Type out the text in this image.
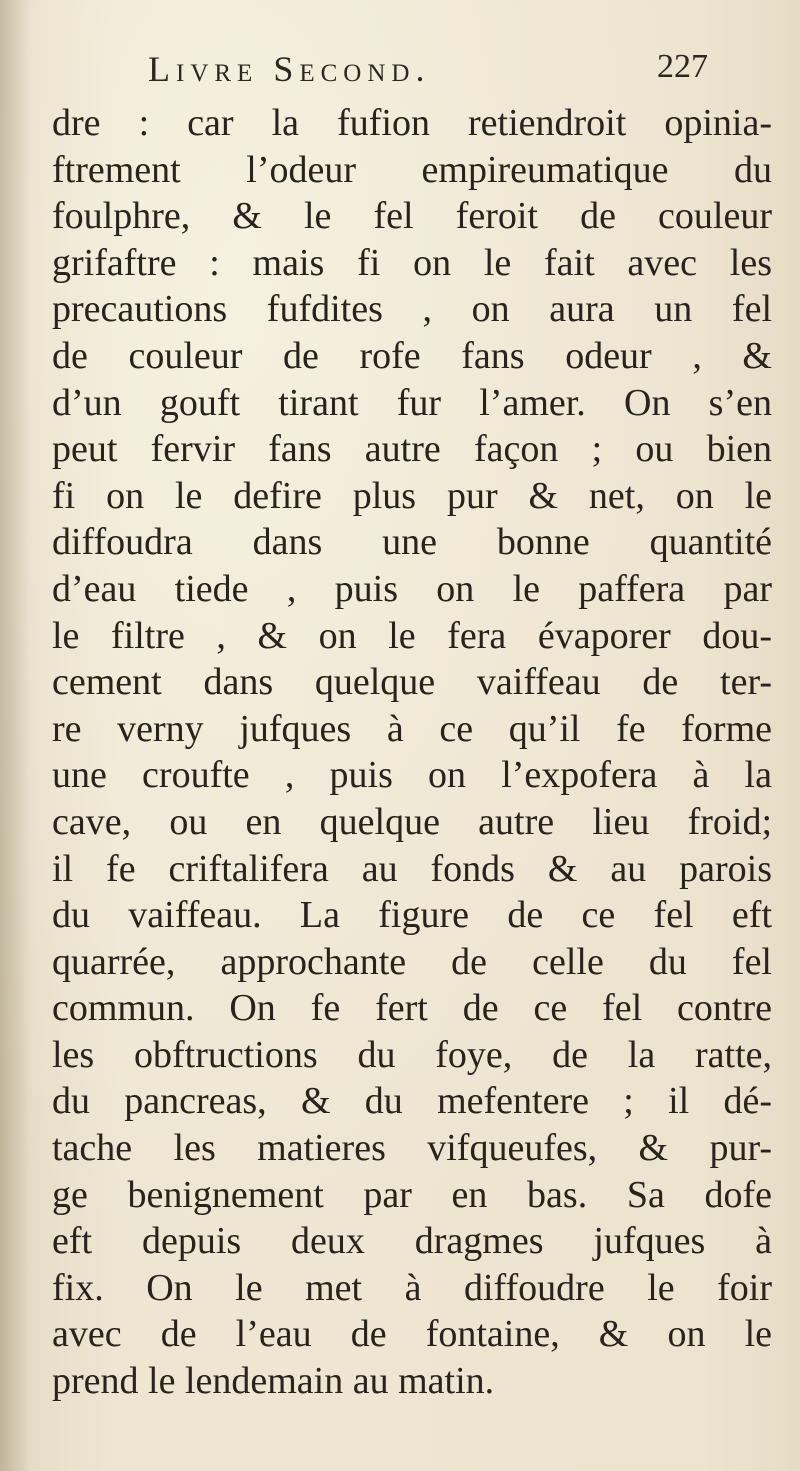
Livre Second.	227
dre : car la fufion retiendroit opinia-
ftrement l’odeur empireumatique du
foulphre, & le fel feroit de couleur
grifaftre : mais fi on le fait avec les
precautions fufdites , on aura un fel
de couleur de rofe fans odeur , &
d’un gouft tirant fur l’amer. On s’en
peut fervir fans autre façon ; ou bien
fi on le defire plus pur & net, on le
diffoudra dans une bonne quantité
d’eau tiede , puis on le paffera par
le filtre , & on le fera évaporer dou-
cement dans quelque vaiffeau de ter-
re verny jufques à ce qu’il fe forme
une croufte , puis on l’expofera à la
cave, ou en quelque autre lieu froid;
il fe criftalifera au fonds & au parois
du vaiffeau. La figure de ce fel eft
quarrée, approchante de celle du fel
commun. On fe fert de ce fel contre
les obftructions du foye, de la ratte,
du pancreas, & du mefentere ; il dé-
tache les matieres vifqueufes, & pur-
ge benignement par en bas. Sa dofe
eft depuis deux dragmes jufques à
fix. On le met à diffoudre le foir
avec de l’eau de fontaine, & on le
prend le lendemain au matin.
